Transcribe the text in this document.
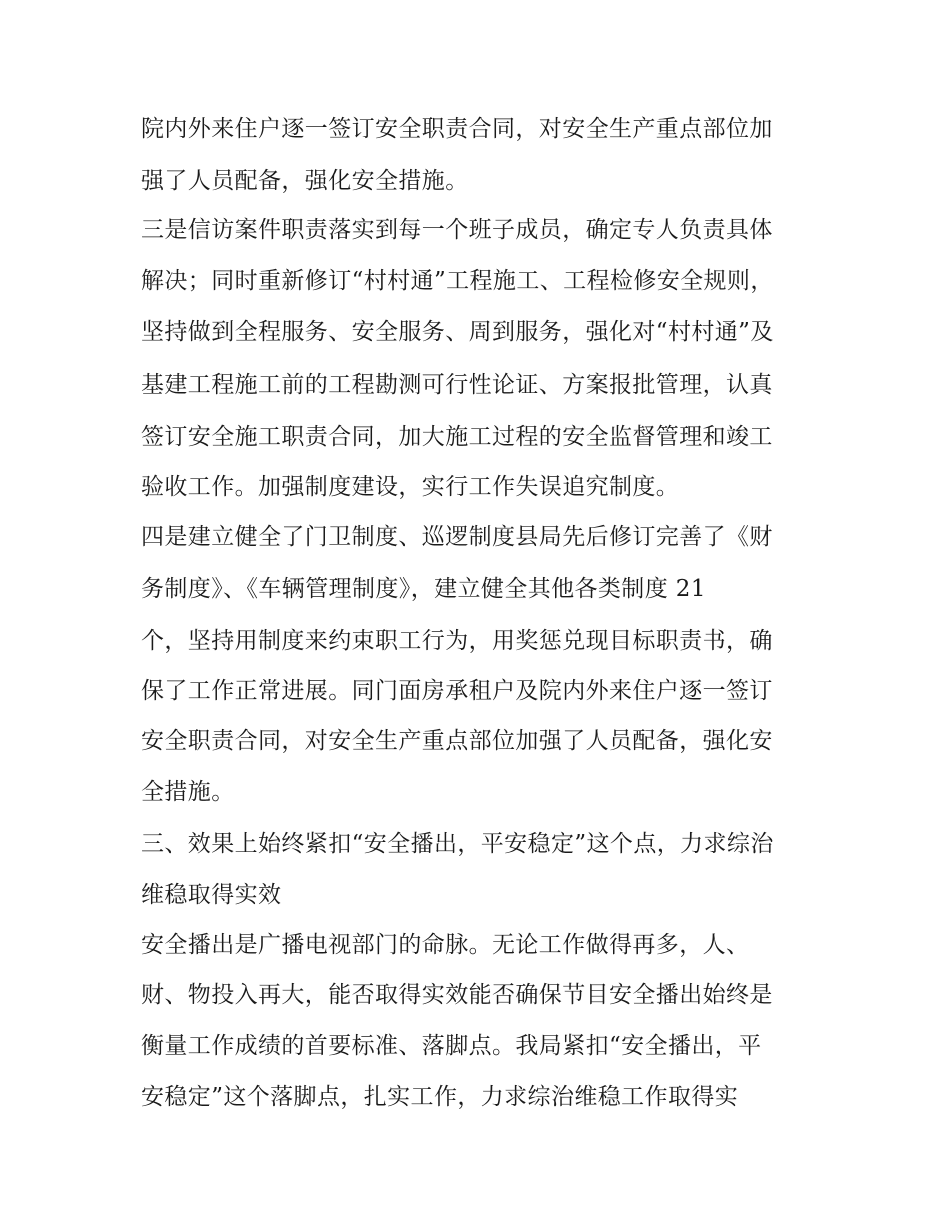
院内外来住户逐一签订安全职责合同，对安全生产重点部位加
强了人员配备，强化安全措施。
三是信访案件职责落实到每一个班子成员，确定专人负责具体
解决；同时重新修订“村村通”工程施工、工程检修安全规则，
坚持做到全程服务、安全服务、周到服务，强化对“村村通”及
基建工程施工前的工程勘测可行性论证、方案报批管理，认真
签订安全施工职责合同，加大施工过程的安全监督管理和竣工
验收工作。加强制度建设，实行工作失误追究制度。
四是建立健全了门卫制度、巡逻制度县局先后修订完善了《财
务制度》、《车辆管理制度》，建立健全其他各类制度 21
个，坚持用制度来约束职工行为，用奖惩兑现目标职责书，确
保了工作正常进展。同门面房承租户及院内外来住户逐一签订
安全职责合同，对安全生产重点部位加强了人员配备，强化安
全措施。
三、效果上始终紧扣“安全播出，平安稳定”这个点，力求综治
维稳取得实效
安全播出是广播电视部门的命脉。无论工作做得再多，人、
财、物投入再大，能否取得实效能否确保节目安全播出始终是
衡量工作成绩的首要标准、落脚点。我局紧扣“安全播出，平
安稳定”这个落脚点，扎实工作，力求综治维稳工作取得实
